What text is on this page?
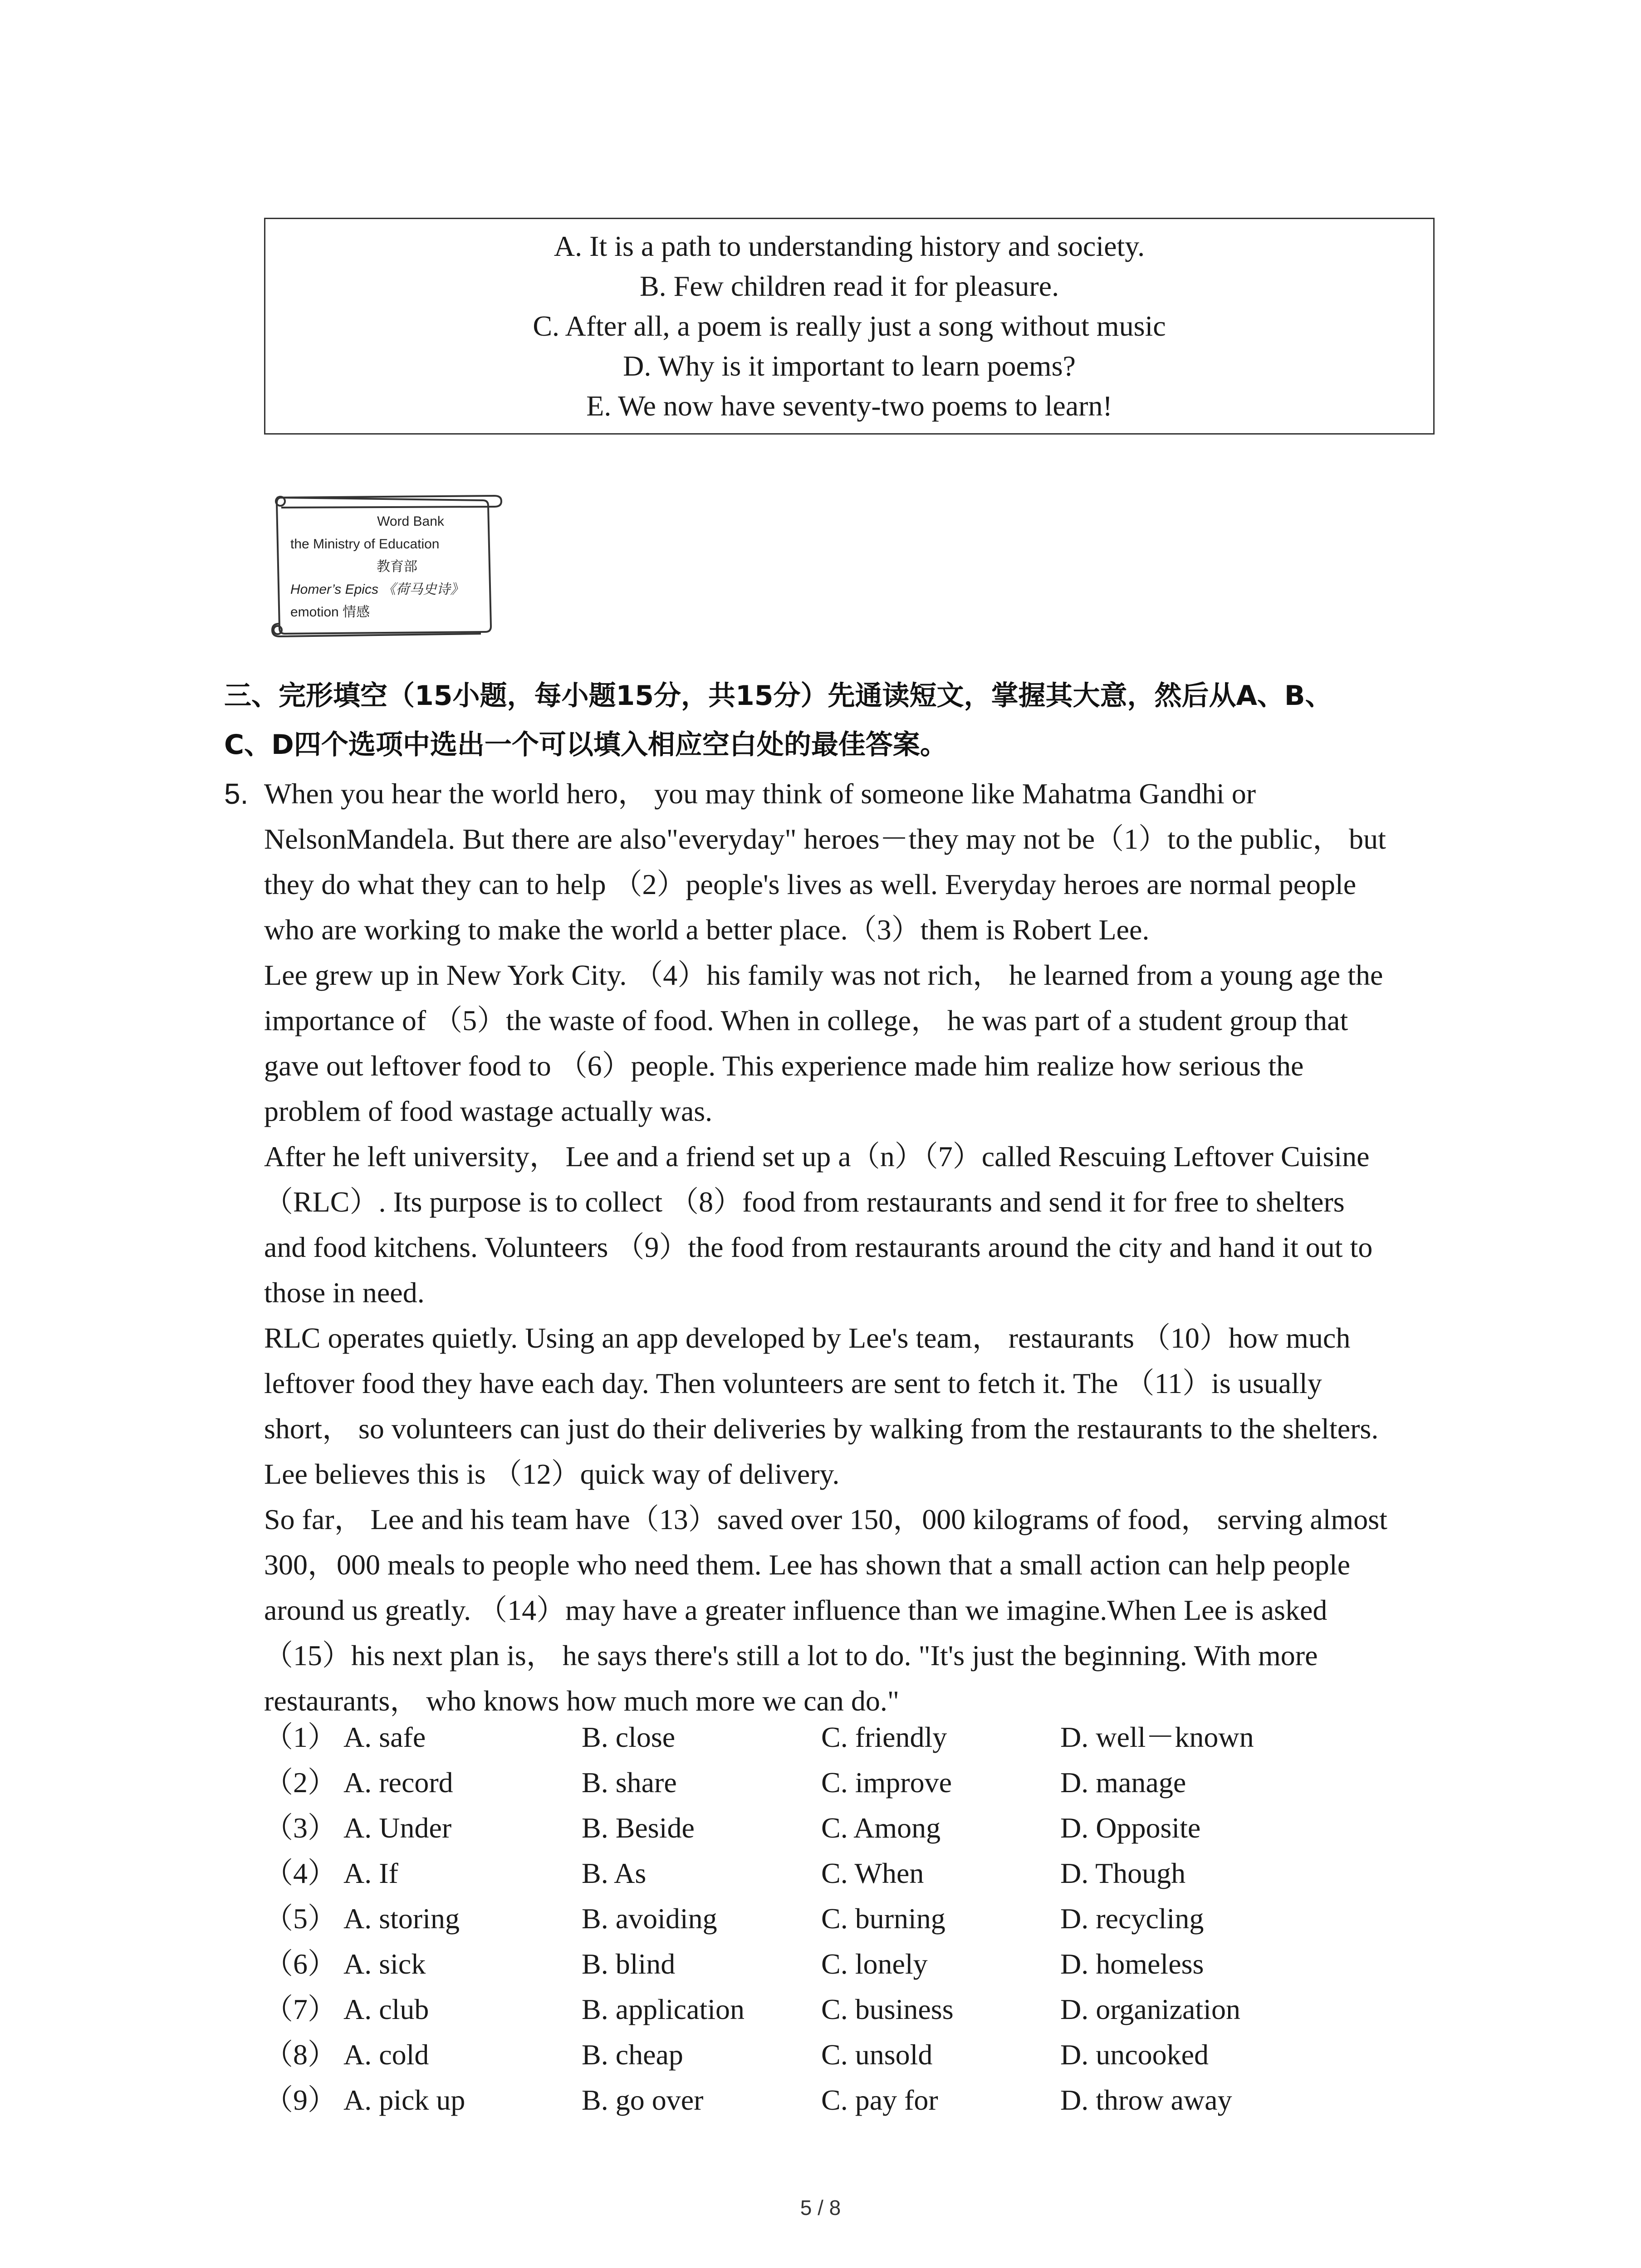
A. It is a path to understanding history and society.
B. Few children read it for pleasure.
C. After all, a poem is really just a song without music
D. Why is it important to learn poems?
E. We now have seventy-two poems to learn!
Word Bank
the Ministry of Education
教育部
Homer’s Epics 《荷马史诗》
emotion 情感
三、完形填空（15小题，每小题15分，共15分）先通读短文，掌握其大意，然后从A、B、
C、D四个选项中选出一个可以填入相应空白处的最佳答案。
5. When you hear the world hero， you may think of someone like Mahatma Gandhi or
NelsonMandela. But there are also"everyday" heroes－they may not be（1）to the public， but
they do what they can to help （2）people's lives as well. Everyday heroes are normal people
who are working to make the world a better place.（3）them is Robert Lee.
Lee grew up in New York City. （4）his family was not rich， he learned from a young age the
importance of （5）the waste of food. When in college， he was part of a student group that
gave out leftover food to （6）people. This experience made him realize how serious the
problem of food wastage actually was.
After he left university， Lee and a friend set up a（n）（7）called Rescuing Leftover Cuisine
（RLC）. Its purpose is to collect （8）food from restaurants and send it for free to shelters
and food kitchens. Volunteers （9）the food from restaurants around the city and hand it out to
those in need.
RLC operates quietly. Using an app developed by Lee's team， restaurants （10）how much
leftover food they have each day. Then volunteers are sent to fetch it. The （11）is usually
short， so volunteers can just do their deliveries by walking from the restaurants to the shelters.
Lee believes this is （12）quick way of delivery.
So far， Lee and his team have（13）saved over 150，000 kilograms of food， serving almost
300，000 meals to people who need them. Lee has shown that a small action can help people
around us greatly. （14）may have a greater influence than we imagine.When Lee is asked
（15）his next plan is， he says there's still a lot to do. "It's just the beginning. With more
restaurants， who knows how much more we can do."
（1） A. safe	B. close	C. friendly	D. well－known
（2） A. record	B. share	C. improve	D. manage
（3） A. Under	B. Beside	C. Among	D. Opposite
（4） A. If	B. As	C. When	D. Though
（5） A. storing	B. avoiding	C. burning	D. recycling
（6） A. sick	B. blind	C. lonely	D. homeless
（7） A. club	B. application	C. business	D. organization
（8） A. cold	B. cheap	C. unsold	D. uncooked
（9） A. pick up	B. go over	C. pay for	D. throw away
5 / 8
